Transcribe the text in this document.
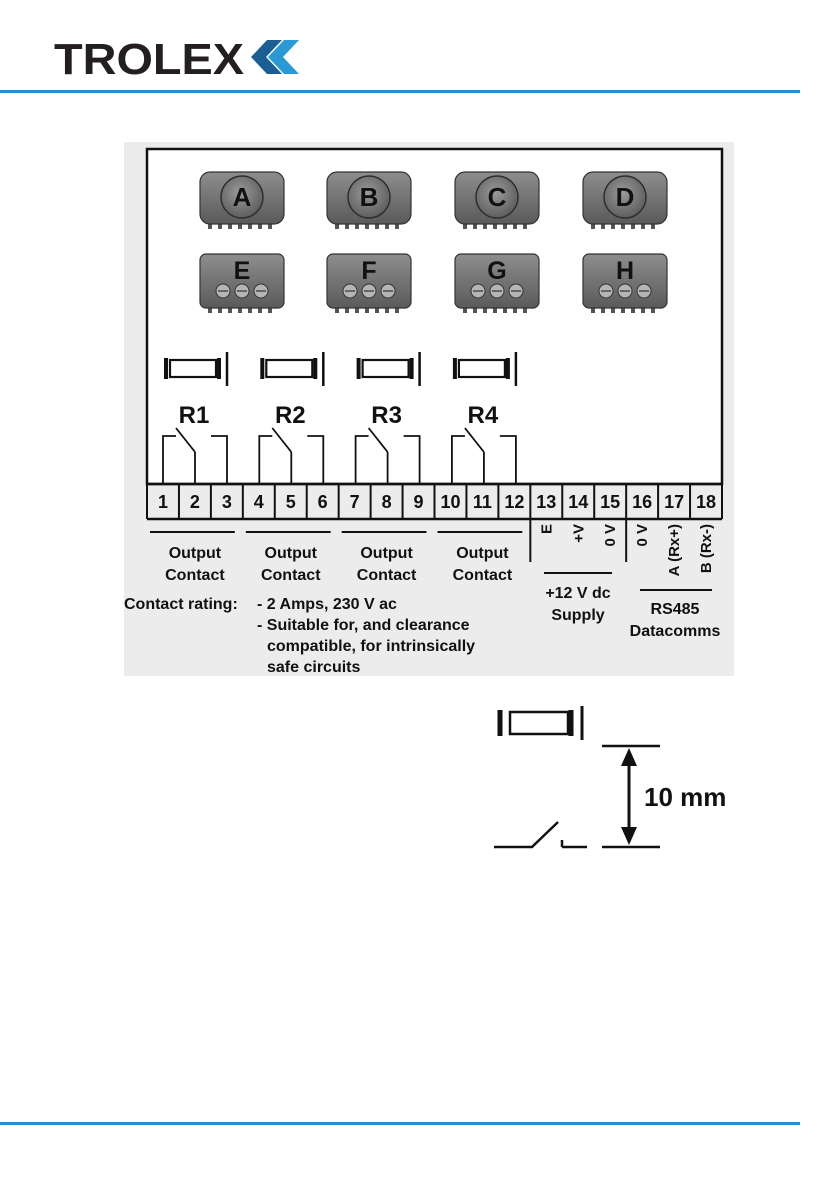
TROLEX
A	B	C	D
E	F	G	H
R1	R2	R3	R4
1 2 3 4 5 6 7 8 9 10 11 12 13 14 15 16 17 18
Output
Contact
Output
Contact
Output
Contact
Output
Contact
E +V 0 V 0 V A (Rx+) B (Rx-)
+12 V dc
Supply	RS485
Datacomms
Contact rating: - 2 Amps, 230 V ac
- Suitable for, and clearance
compatible, for intrinsically
safe circuits
10 mm
